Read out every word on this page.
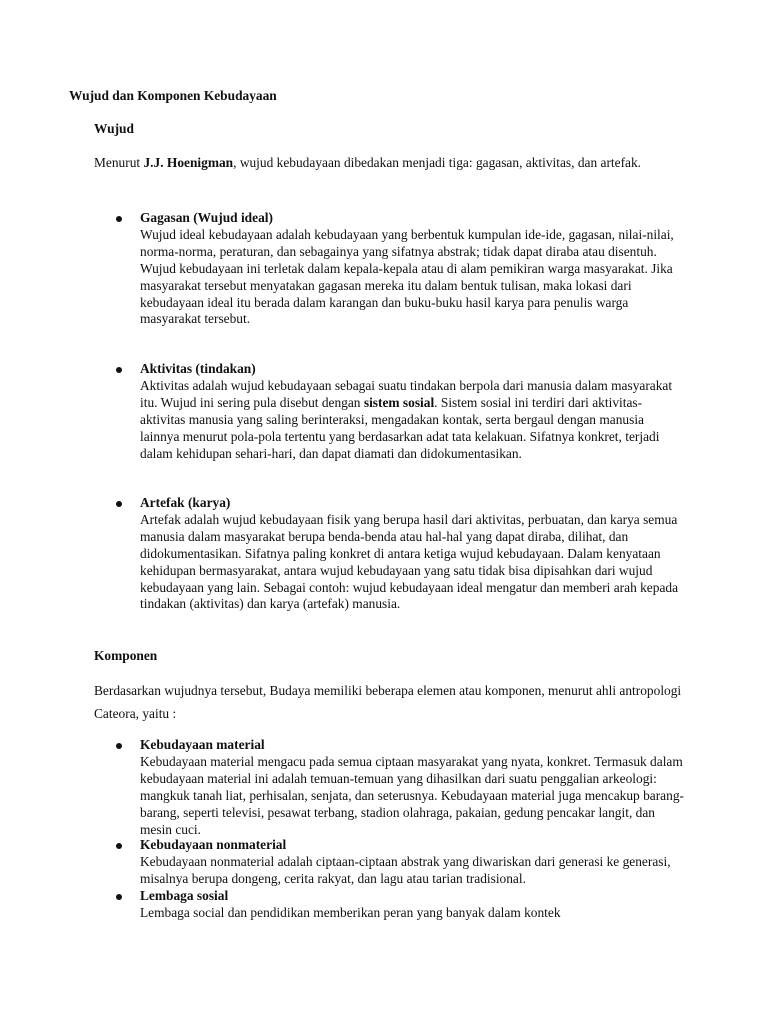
Wujud dan Komponen Kebudayaan
Wujud
Menurut J.J. Hoenigman, wujud kebudayaan dibedakan menjadi tiga: gagasan, aktivitas, dan artefak.
Gagasan (Wujud ideal)
Wujud ideal kebudayaan adalah kebudayaan yang berbentuk kumpulan ide-ide, gagasan, nilai-nilai, norma-norma, peraturan, dan sebagainya yang sifatnya abstrak; tidak dapat diraba atau disentuh. Wujud kebudayaan ini terletak dalam kepala-kepala atau di alam pemikiran warga masyarakat. Jika masyarakat tersebut menyatakan gagasan mereka itu dalam bentuk tulisan, maka lokasi dari kebudayaan ideal itu berada dalam karangan dan buku-buku hasil karya para penulis warga masyarakat tersebut.
Aktivitas (tindakan)
Aktivitas adalah wujud kebudayaan sebagai suatu tindakan berpola dari manusia dalam masyarakat itu. Wujud ini sering pula disebut dengan sistem sosial. Sistem sosial ini terdiri dari aktivitas-aktivitas manusia yang saling berinteraksi, mengadakan kontak, serta bergaul dengan manusia lainnya menurut pola-pola tertentu yang berdasarkan adat tata kelakuan. Sifatnya konkret, terjadi dalam kehidupan sehari-hari, dan dapat diamati dan didokumentasikan.
Artefak (karya)
Artefak adalah wujud kebudayaan fisik yang berupa hasil dari aktivitas, perbuatan, dan karya semua manusia dalam masyarakat berupa benda-benda atau hal-hal yang dapat diraba, dilihat, dan didokumentasikan. Sifatnya paling konkret di antara ketiga wujud kebudayaan. Dalam kenyataan kehidupan bermasyarakat, antara wujud kebudayaan yang satu tidak bisa dipisahkan dari wujud kebudayaan yang lain. Sebagai contoh: wujud kebudayaan ideal mengatur dan memberi arah kepada tindakan (aktivitas) dan karya (artefak) manusia.
Komponen
Berdasarkan wujudnya tersebut, Budaya memiliki beberapa elemen atau komponen, menurut ahli antropologi Cateora, yaitu :
Kebudayaan material
Kebudayaan material mengacu pada semua ciptaan masyarakat yang nyata, konkret. Termasuk dalam kebudayaan material ini adalah temuan-temuan yang dihasilkan dari suatu penggalian arkeologi: mangkuk tanah liat, perhisalan, senjata, dan seterusnya. Kebudayaan material juga mencakup barang-barang, seperti televisi, pesawat terbang, stadion olahraga, pakaian, gedung pencakar langit, dan mesin cuci.
Kebudayaan nonmaterial
Kebudayaan nonmaterial adalah ciptaan-ciptaan abstrak yang diwariskan dari generasi ke generasi, misalnya berupa dongeng, cerita rakyat, dan lagu atau tarian tradisional.
Lembaga sosial
Lembaga social dan pendidikan memberikan peran yang banyak dalam kontek
